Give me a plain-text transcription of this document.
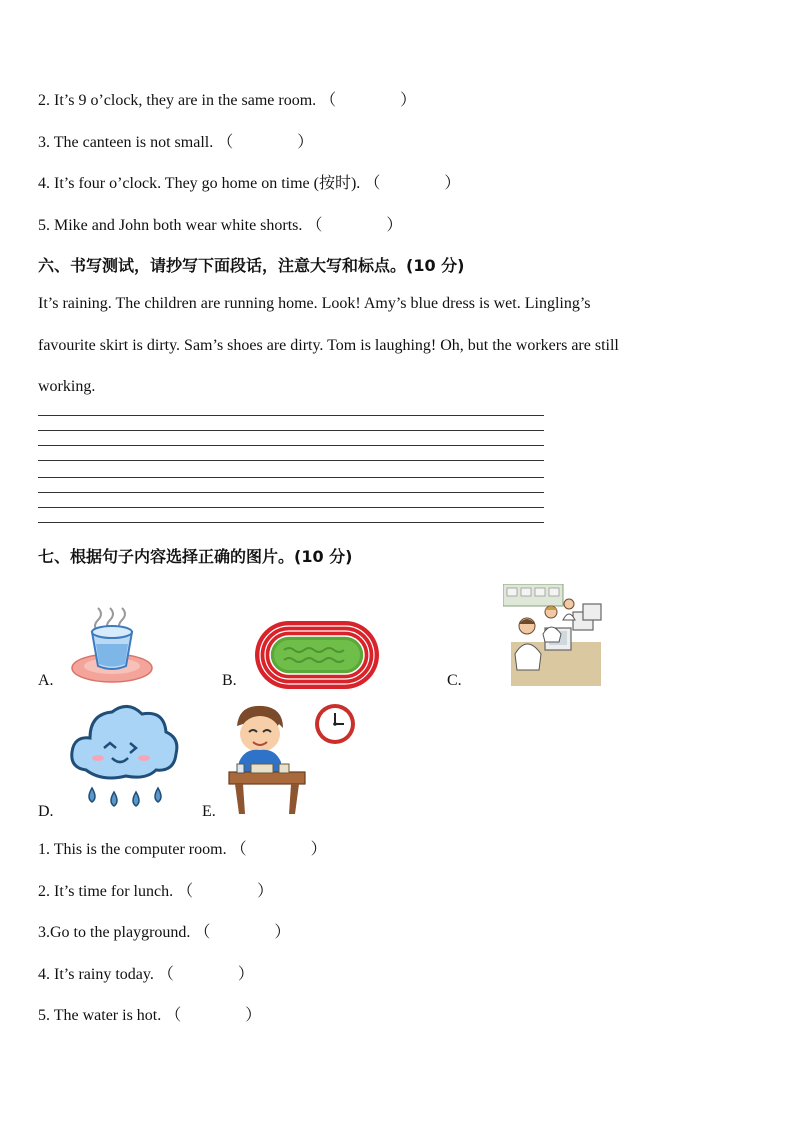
2. It’s 9 o’clock, they are in the same room. （　　　　）
3. The canteen is not small. （　　　　）
4. It’s four o’clock. They go home on time (按时). （　　　　）
5. Mike and John both wear white shorts. （　　　　）
六、书写测试，请抄写下面段话，注意大写和标点。(10 分)
It’s raining. The children are running home. Look! Amy’s blue dress is wet. Lingling’s
favourite skirt is dirty. Sam’s shoes are dirty. Tom is laughing! Oh, but the workers are still
working.
七、根据句子内容选择正确的图片。(10 分)
A.	B.	C.
D.	E.
1. This is the computer room. （　　　　）
2. It’s time for lunch. （　　　　）
3.Go to the playground. （　　　　）
4. It’s rainy today. （　　　　）
5. The water is hot. （　　　　）
